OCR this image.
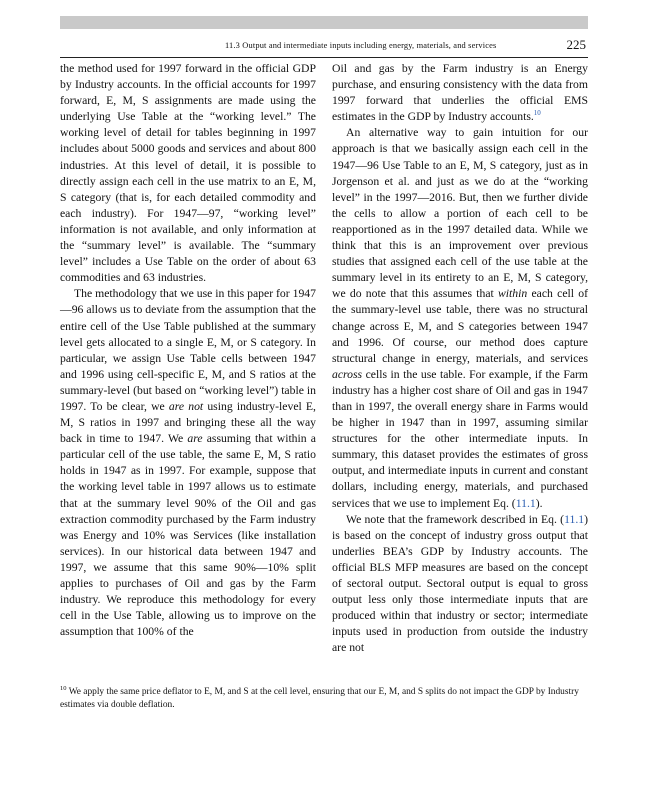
11.3 Output and intermediate inputs including energy, materials, and services	225

the method used for 1997 forward in the official GDP by Industry accounts. In the official accounts for 1997 forward, E, M, S assignments are made using the underlying Use Table at the “working level.” The working level of detail for tables beginning in 1997 includes about 5000 goods and services and about 800 industries. At this level of detail, it is possible to directly assign each cell in the use matrix to an E, M, S category (that is, for each detailed commodity and each industry). For 1947—97, “working level” information is not available, and only information at the “summary level” is available. The “summary level” includes a Use Table on the order of about 63 commodities and 63 industries.

The methodology that we use in this paper for 1947—96 allows us to deviate from the assumption that the entire cell of the Use Table published at the summary level gets allocated to a single E, M, or S category. In particular, we assign Use Table cells between 1947 and 1996 using cell-specific E, M, and S ratios at the summary-level (but based on “working level”) table in 1997. To be clear, we are not using industry-level E, M, S ratios in 1997 and bringing these all the way back in time to 1947. We are assuming that within a particular cell of the use table, the same E, M, S ratio holds in 1947 as in 1997. For example, suppose that the working level table in 1997 allows us to estimate that at the summary level 90% of the Oil and gas extraction commodity purchased by the Farm industry was Energy and 10% was Services (like installation services). In our historical data between 1947 and 1997, we assume that this same 90%—10% split applies to purchases of Oil and gas by the Farm industry. We reproduce this methodology for every cell in the Use Table, allowing us to improve on the assumption that 100% of the

Oil and gas by the Farm industry is an Energy purchase, and ensuring consistency with the data from 1997 forward that underlies the official EMS estimates in the GDP by Industry accounts.$^{10}$

An alternative way to gain intuition for our approach is that we basically assign each cell in the 1947—96 Use Table to an E, M, S category, just as in Jorgenson et al. and just as we do at the “working level” in the 1997—2016. But, then we further divide the cells to allow a portion of each cell to be reapportioned as in the 1997 detailed data. While we think that this is an improvement over previous studies that assigned each cell of the use table at the summary level in its entirety to an E, M, S category, we do note that this assumes that within each cell of the summary-level use table, there was no structural change across E, M, and S categories between 1947 and 1996. Of course, our method does capture structural change in energy, materials, and services across cells in the use table. For example, if the Farm industry has a higher cost share of Oil and gas in 1947 than in 1997, the overall energy share in Farms would be higher in 1947 than in 1997, assuming similar structures for the other intermediate inputs. In summary, this dataset provides the estimates of gross output, and intermediate inputs in current and constant dollars, including energy, materials, and purchased services that we use to implement Eq. (11.1).

We note that the framework described in Eq. (11.1) is based on the concept of industry gross output that underlies BEA’s GDP by Industry accounts. The official BLS MFP measures are based on the concept of sectoral output. Sectoral output is equal to gross output less only those intermediate inputs that are produced within that industry or sector; intermediate inputs used in production from outside the industry are not

$^{10}$ We apply the same price deflator to E, M, and S at the cell level, ensuring that our E, M, and S splits do not impact the GDP by Industry estimates via double deflation.
